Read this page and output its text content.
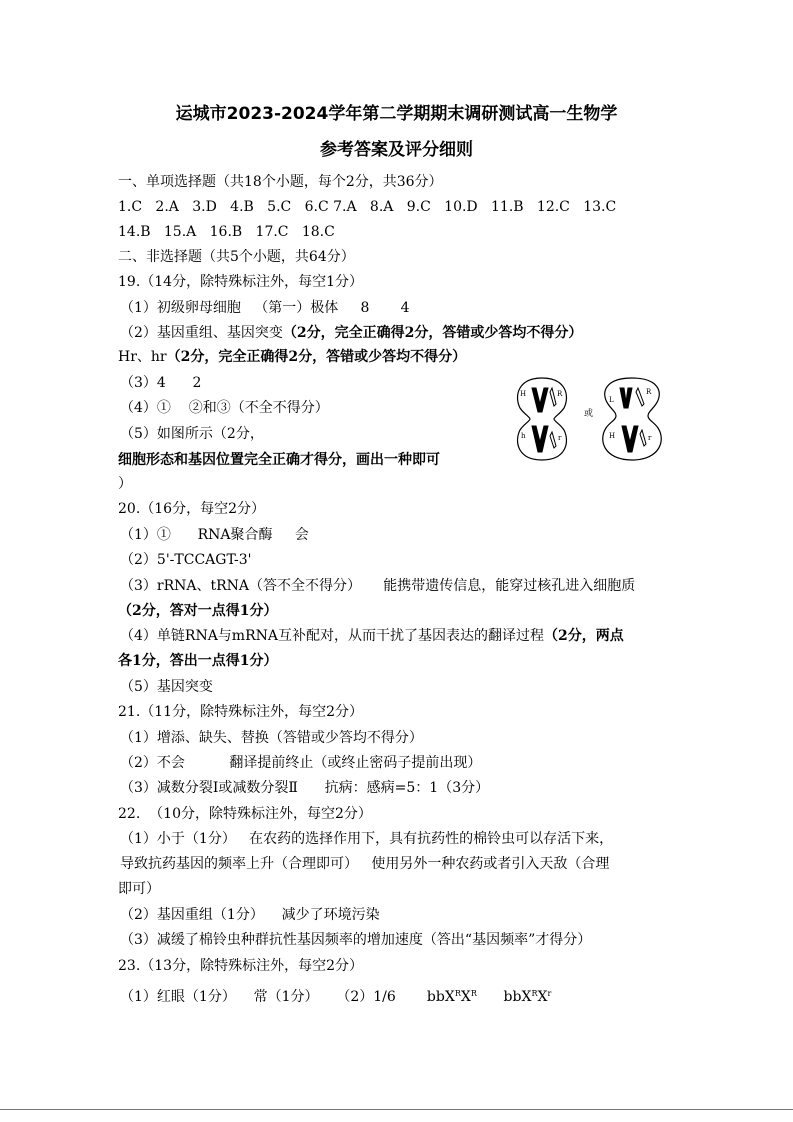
运城市2023-2024学年第二学期期末调研测试高一生物学
参考答案及评分细则
一、单项选择题（共18个小题，每个2分，共36分）
1.C   2.A   3.D   4.B   5.C   6.C 7.A   8.A   9.C   10.D   11.B   12.C   13.C
14.B   15.A   16.B   17.C   18.C
二、非选择题（共5个小题，共64分）
19.（14分，除特殊标注外，每空1分）
（1）初级卵母细胞   （第一）极体     8       4
（2）基因重组、基因突变（2分，完全正确得2分，答错或少答均不得分）
Hr、hr（2分，完全正确得2分，答错或少答均不得分）
（3）4      2
（4）①    ②和③（不全不得分）
（5）如图所示（2分，
细胞形态和基因位置完全正确才得分，画出一种即可
）
H	R
h	r
或
L
R
H	r
20.（16分，每空2分）
（1）①      RNA聚合酶     会
（2）5'-TCCAGT-3'
（3）rRNA、tRNA（答不全不得分）     能携带遗传信息，能穿过核孔进入细胞质
（2分，答对一点得1分）
（4）单链RNA与mRNA互补配对，从而干扰了基因表达的翻译过程（2分，两点
各1分，答出一点得1分）
（5）基因突变
21.（11分，除特殊标注外，每空2分）
（1）增添、缺失、替换（答错或少答均不得分）
（2）不会          翻译提前终止（或终止密码子提前出现）
（3）减数分裂Ⅰ或减数分裂Ⅱ      抗病：感病=5：1（3分）
22.  （10分，除特殊标注外，每空2分）
（1）小于（1分）   在农药的选择作用下，具有抗药性的棉铃虫可以存活下来，
导致抗药基因的频率上升（合理即可）   使用另外一种农药或者引入天敌（合理
即可）
（2）基因重组（1分）    减少了环境污染
（3）减缓了棉铃虫种群抗性基因频率的增加速度（答出“基因频率”才得分）
23.（13分，除特殊标注外，每空2分）
（1）红眼（1分）    常（1分）    （2）1/6       $bbX^RX^R$      $bbX^RX^r$
